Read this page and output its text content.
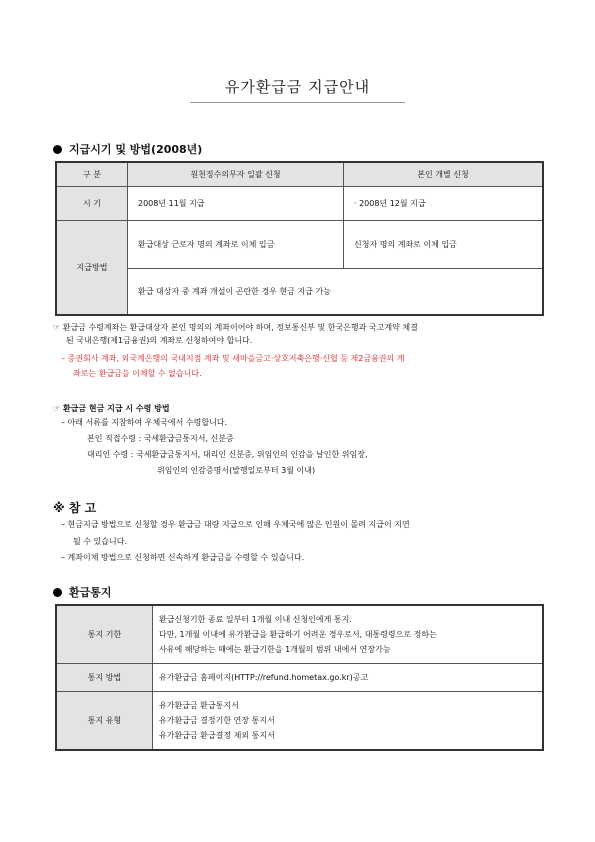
유가환급금 지급안내
지급시기 및 방법(2008년)
구 분	원천징수의무자 일괄 신청	본인 개별 신청
시 기	2008년 11월 지급	· 2008년 12월 지급
지급방법	환급대상 근로자 명의 계좌로 이체 입금	신청자 명의 계좌로 이체 입금
	환급 대상자 중 계좌 개설이 곤란한 경우 현금 지급 가능	
☞ 환급금 수령계좌는 환급대상자 본인 명의의 계좌이어야 하며, 정보통신부 및 한국은행과 국고계약 체결
된 국내은행(제1금융권)의 계좌로 신청하여야 합니다.
– 증권회사 계좌, 외국계은행의 국내지점 계좌 및 새마을금고·상호저축은행·신협 등 제2금융권의 계
좌로는 환급금을 이체할 수 없습니다.
☞ 환급금 현금 지급 시 수령 방법
– 아래 서류를 지참하여 우체국에서 수령합니다.
본인 직접수령 : 국세환급금통지서, 신분증
대리인 수령 : 국세환급금통지서, 대리인 신분증, 위임인의 인감을 날인한 위임장,
위임인의 인감증명서(발행일로부터 3월 이내)
※ 참 고
– 현금지급 방법으로 신청할 경우 환급금 대량 지급으로 인해 우체국에 많은 인원이 몰려 지급이 지연
될 수 있습니다.
– 계좌이체 방법으로 신청하면 신속하게 환급금을 수령할 수 있습니다.
환급통지
통지 기한	환급신청기한 종료 일부터 1개월 이내 신청인에게 통지.
다만, 1개월 이내에 유가환급을 환급하기 어려운 경우로서, 대통령령으로 정하는
사유에 해당하는 때에는 환급기한을 1개월의 범위 내에서 연장가능

통지 방법	유가환급금 홈페이지(HTTP://refund.hometax.go.kr)공고

통지 유형	유가환급금 환급통지서
유가환급금 결정기한 연장 통지서
유가환급금 환급결정 제외 통지서
